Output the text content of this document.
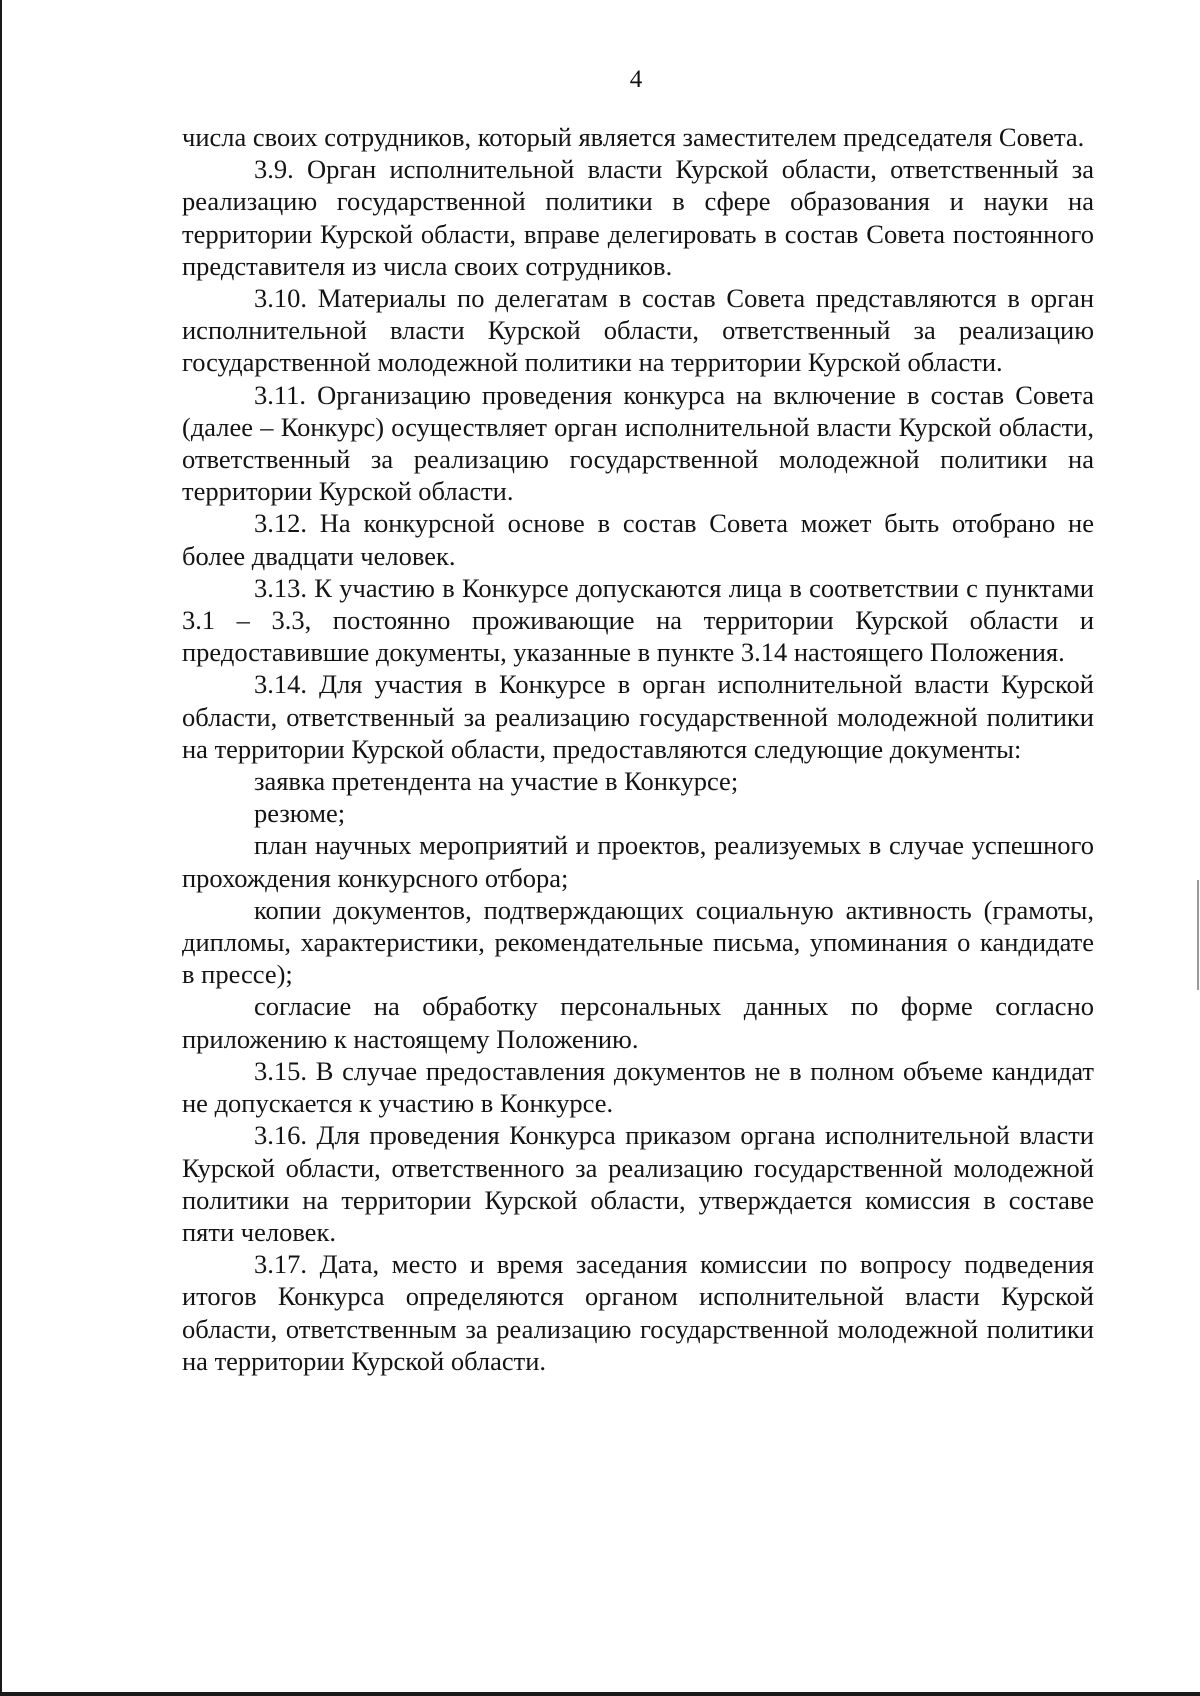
4

числа своих сотрудников, который является заместителем председателя Совета.

3.9. Орган исполнительной власти Курской области, ответственный за реализацию государственной политики в сфере образования и науки на территории Курской области, вправе делегировать в состав Совета постоянного представителя из числа своих сотрудников.

3.10. Материалы по делегатам в состав Совета представляются в орган исполнительной власти Курской области, ответственный за реализацию государственной молодежной политики на территории Курской области.

3.11. Организацию проведения конкурса на включение в состав Совета (далее – Конкурс) осуществляет орган исполнительной власти Курской области, ответственный за реализацию государственной молодежной политики на территории Курской области.

3.12. На конкурсной основе в состав Совета может быть отобрано не более двадцати человек.

3.13. К участию в Конкурсе допускаются лица в соответствии с пунктами 3.1 – 3.3, постоянно проживающие на территории Курской области и предоставившие документы, указанные в пункте 3.14 настоящего Положения.

3.14. Для участия в Конкурсе в орган исполнительной власти Курской области, ответственный за реализацию государственной молодежной политики на территории Курской области, предоставляются следующие документы:

заявка претендента на участие в Конкурсе;

резюме;

план научных мероприятий и проектов, реализуемых в случае успешного прохождения конкурсного отбора;

копии документов, подтверждающих социальную активность (грамоты, дипломы, характеристики, рекомендательные письма, упоминания о кандидате в прессе);

согласие на обработку персональных данных по форме согласно приложению к настоящему Положению.

3.15. В случае предоставления документов не в полном объеме кандидат не допускается к участию в Конкурсе.

3.16. Для проведения Конкурса приказом органа исполнительной власти Курской области, ответственного за реализацию государственной молодежной политики на территории Курской области, утверждается комиссия в составе пяти человек.

3.17. Дата, место и время заседания комиссии по вопросу подведения итогов Конкурса определяются органом исполнительной власти Курской области, ответственным за реализацию государственной молодежной политики на территории Курской области.
